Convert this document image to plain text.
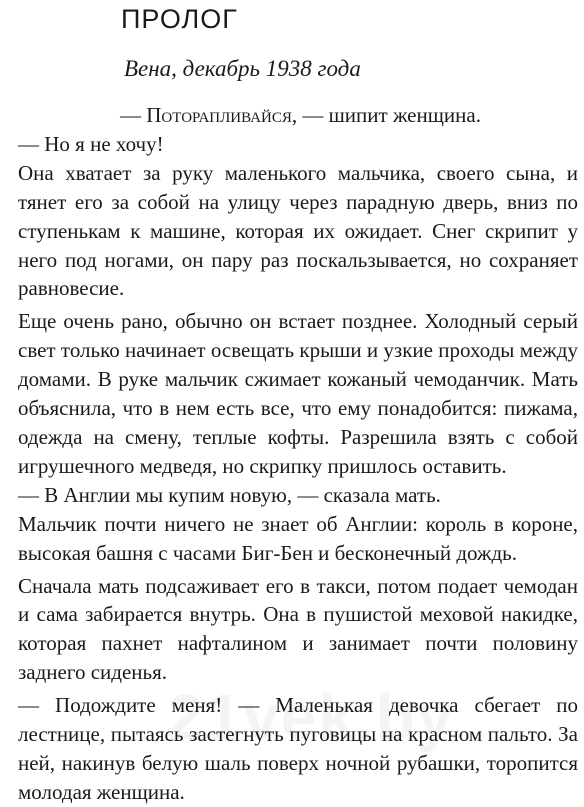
ПРОЛОГ
Вена, декабрь 1938 года
— Поторапливайся, — шипит женщина.
— Но я не хочу!
Она хватает за руку маленького мальчика, своего сына, и тянет его за собой на улицу через парадную дверь, вниз по ступенькам к машине, которая их ожидает. Снег скрипит у него под ногами, он пару раз поскальзывается, но сохраняет равновесие.
Еще очень рано, обычно он встает позднее. Холодный серый свет только начинает освещать крыши и узкие проходы между домами. В руке мальчик сжимает кожаный чемоданчик. Мать объяснила, что в нем есть все, что ему понадобится: пижама, одежда на смену, теплые кофты. Разрешила взять с собой игрушечного медведя, но скрипку пришлось оставить.
— В Англии мы купим новую, — сказала мать.
Мальчик почти ничего не знает об Англии: король в короне, высокая башня с часами Биг-Бен и бесконечный дождь.
Сначала мать подсаживает его в такси, потом подает чемодан и сама забирается внутрь. Она в пушистой меховой накидке, которая пахнет нафталином и занимает почти половину заднего сиденья.
— Подождите меня! — Маленькая девочка сбегает по лестнице, пытаясь застегнуть пуговицы на красном пальто. За ней, накинув белую шаль поверх ночной рубашки, торопится молодая женщина.
